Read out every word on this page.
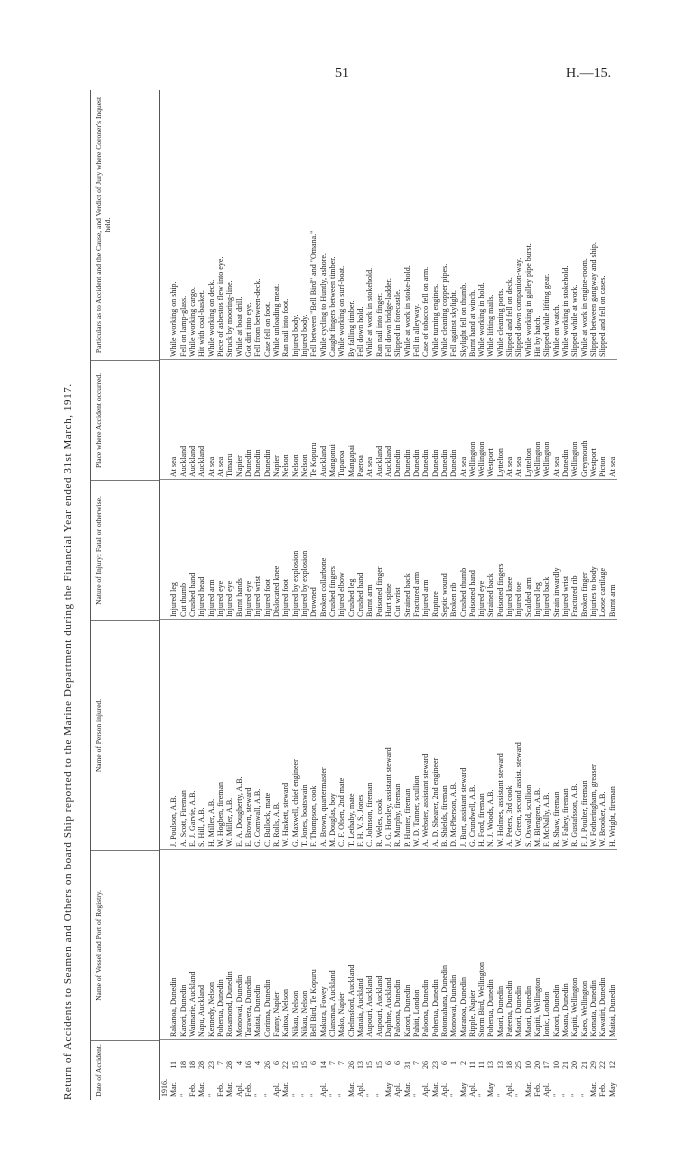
51	H.—15.
Return of Accidents to Seamen and Others on board Ship reported to the Marine Department during the Financial Year ended 31st March, 1917.	Date of Accident.
Name of Vessel and Port of Registry.
Name of Person injured.
Nature of Injury: Fatal or otherwise.
Place where Accident occurred.
Particulars as to Accident and the Cause, and Verdict of Jury where Coroner's Inquest held.
1916. Mar.11
Rakanoa, Dunedin
J. Poulson, A.B.
Injured leg
At sea
While working on ship.
"18
Karori, Dunedin
A. Scott, Fireman
Cut thumb
Auckland
Fell on lamp-glass.
Feb.18
Waimarie, Auckland
E. J. Garvie, A.B.
Crushed hand
Auckland
While working cargo.
Mar.28
Napu, Auckland
S. Hill, A.B.
Injured head
Auckland
Hit with coal-basket.
"23
Kennedy, Nelson
H. Miller, A.B.
Injured arm
At sea
While working on deck.
Feb.7
Poherua, Dunedin
W. Hogben, fireman
Injured eye
At sea
Piece of asbestos flew into eye.
Mar.28
Rosamond, Dunedin
W. Miller, A.B.
Injured eye
Timaru
Struck by mooring-line.
Apl.4
Monowai, Dunedin
E. A. Dougherty, A.B.
Burnt hands
Napier
While at boat drill.
Feb.16
Tarawera, Dunedin
E. Brown, steward
Injured eye
Dunedin
Got dirt into eye.
"4
Maitai, Dunedin
G. Cornwall, A.B.
Injured wrist
Dunedin
Fell from between-deck.
"26
Corinna, Dunedin
C. Bullock, mate
Injured foot
Dunedin
Case fell on foot.
Apl.6
Fanny, Napier
R. Rolls, A.B.
Dislocated knee
Napier
While unloading meat.
Mar.22
Kaitoa, Nelson
W. Haskett, steward
Injured foot
Nelson
Ran nail into foot.
"15
Nikau, Nelson
G. Maxwell, chief engineer
Injured by explosion
Nelson
Injured body.
"15
Nikau, Nelson
T. Jones, boatswain
Injured by explosion
Nelson
Injured body.
"6
Bell Bird, Te Kopuru
F. Thompson, cook
Drowned
Te Kopuru
Fell between "Bell Bird" and "Omana."
Apl.14
Makura, Fowey
A. Brown, quartermaster
Broken collarbone
Auckland
While cycling to Huntly, ashore.
"7
Clansman, Auckland
M. Douglas, boy
Crushed fingers
Mangonui
Caught fingers between timber.
"7
Mako, Napier
C. F. Olsen, 2nd mate
Injured elbow
Tuparoa
While working on surf-boat.
Mar.26
Chelmsford, Auckland
T. Lethaby, mate
Crushed leg
Mangapai
By falling timber.
Apl.13
Manaia, Auckland
F. H. V. S. Jones
Crushed hand
Paeroa
Fell down hold.
"15
Aupouri, Auckland
C. Johnson, fireman
Burnt arm
At sea
While at work in stokehold.
"15
Aupouri, Auckland
R. Weles, cook
Poisoned finger
Auckland
Ran nail into finger.
May6
Daphne, Auckland
J. G. Horsley, assistant steward
Hurt spine
Auckland
Fell down bridge-ladder.
Apl.6
Paloona, Dunedin
R. Murphy, fireman
Cut wrist
Dunedin
Slipped in forecastle.
Mar.31
Karori, Dunedin
P. Hunter, fireman
Strained back
Dunedin
While at work in stoke-hold.
"7
Pahiti, London
W. D. Tanner, scullion
Fractured arm
Dunedin
Fell in alleyway.
Apl.26
Paloona, Dunedin
A. Webster, assistant steward
Injured arm
Dunedin
Case of tobacco fell on arm.
Mar.23
Poherua, Dunedin
A. D. Shearer, 2nd engineer
Rupture
Dunedin
While turning engines.
Apl.6
Rotomahana, Dunedin
B. Shields, fireman
Septic wound
Dunedin
While cleaning copper pipes.
"1
Monowai, Dunedin
D. McPherson, A.B.
Broken rib
Dunedin
Fell against skylight.
May2
Maranoa, Dunedin
J. Burt, assistant steward
Crushed thumb
At sea
Skylight fell on thumb.
Apl.11
Ripple, Napier
G. Crundwell, A.B.
Poisoned hand
Wellington
Burnt hand at winch.
"11
Storm Bird, Wellington
H. Ford, fireman
Injured eye
Wellington
While working in hold.
May13
Poherua, Dunedin
N. J. Woods, A.B.
Strained back
Westport
While lifting mails.
"13
Maori, Dunedin
W. Holmes, assistant steward
Poisoned fingers
Lyttelton
While cleaning ports.
Apl.18
Pateena, Dunedin
A. Peters, 3rd cook
Injured knee
At sea
Slipped and fell on deck.
"25
Maori, Dunedin
W. Green, second assist. steward
Injured toe
At sea
Slipped down companion-way.
Mar.10
Maori, Dunedin
S. Oswald, scullion
Scalded arm
Lyttelton
While working in galley pipe burst.
Feb.20
Kapiti, Wellington
M. Blengren, A.B.
Injured leg
Wellington
Hit by hatch.
Apl.17
Ionic, London
F. McNally, A.B.
Injured back
Wellington
Slipped while lifting gear.
"10
Karori, Dunedin
R. Shaw, fireman
Strain inwardly
At sea
While on watch.
"21
Moana, Dunedin
W. Fahey, fireman
Injured wrist
Dunedin
While working in stokehold.
"20
Kapiti, Wellington
R. Gustafsson, A.B.
Fractured rib
Wellington
Slipped while at work.
"21
Kaeo, Wellington
F. J. Poulter, fireman
Broken finger
Greymouth
While at work in engine-room.
Mar.29
Komata, Dunedin
W. Fotheringham, greaser
Injuries to body
Westport
Slipped between gangway and ship.
Feb.22
Kawatiri, Dunedin
W. Brooker, A.B.
Loose cartilage
Picton
Slipped and fell on cases.
May12
Maitai, Dunedin
H. Wright, fireman
Burnt arm
At sea
